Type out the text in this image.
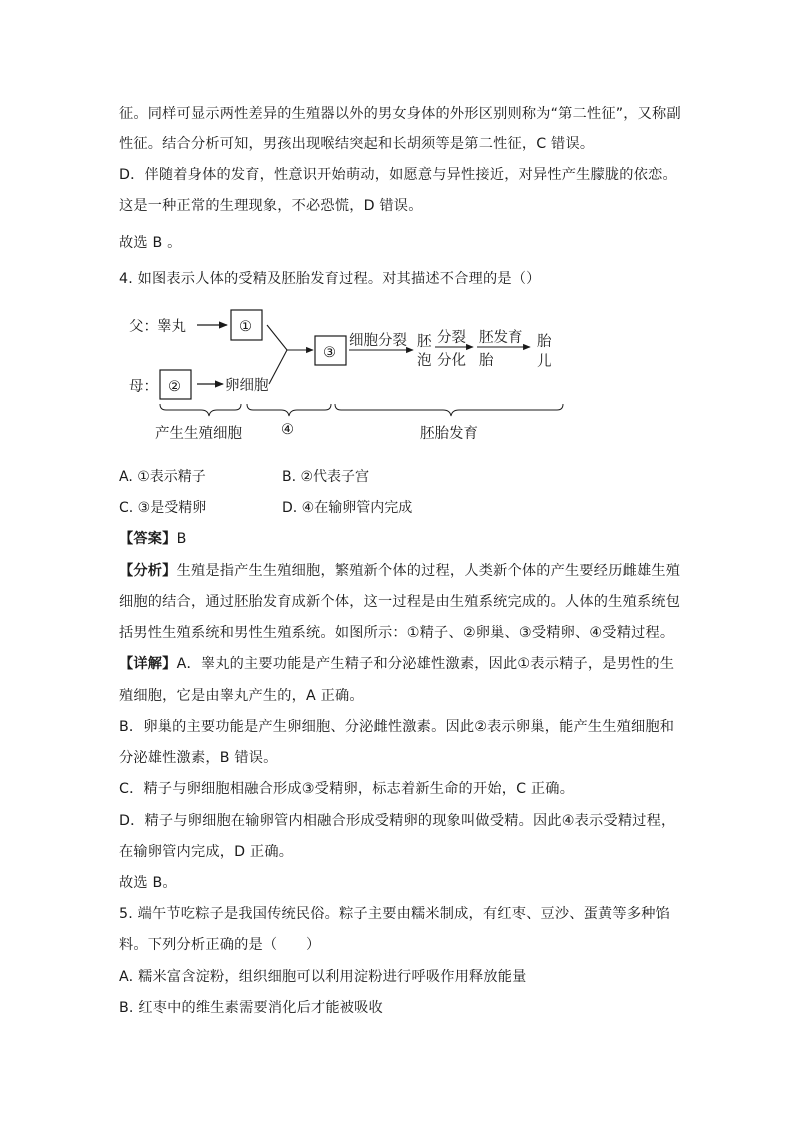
征。同样可显示两性差异的生殖器以外的男女身体的外形区别则称为“第二性征”，又称副
性征。结合分析可知，男孩出现喉结突起和长胡须等是第二性征，C 错误。
D．伴随着身体的发育，性意识开始萌动，如愿意与异性接近，对异性产生朦胧的依恋。
这是一种正常的生理现象，不必恐慌，D 错误。
故选 B 。
4. 如图表示人体的受精及胚胎发育过程。对其描述不合理的是（）
父： 睾丸	①
母： ②	卵细胞
③
细胞分裂 胚
泡
分裂
分化
胚发育
胎
胎
儿
产生生殖细胞	④	胚胎发育
A. ①表示精子	B. ②代表子宫
C. ③是受精卵	D. ④在输卵管内完成
【答案】B
【分析】生殖是指产生生殖细胞，繁殖新个体的过程，人类新个体的产生要经历雌雄生殖
细胞的结合，通过胚胎发育成新个体，这一过程是由生殖系统完成的。人体的生殖系统包
括男性生殖系统和男性生殖系统。如图所示：①精子、②卵巢、③受精卵、④受精过程。
【详解】A．睾丸的主要功能是产生精子和分泌雄性激素，因此①表示精子，是男性的生
殖细胞，它是由睾丸产生的，A 正确。
B．卵巢的主要功能是产生卵细胞、分泌雌性激素。因此②表示卵巢，能产生生殖细胞和
分泌雄性激素，B 错误。
C．精子与卵细胞相融合形成③受精卵，标志着新生命的开始，C 正确。
D．精子与卵细胞在输卵管内相融合形成受精卵的现象叫做受精。因此④表示受精过程，
在输卵管内完成，D 正确。
故选 B。
5. 端午节吃粽子是我国传统民俗。粽子主要由糯米制成，有红枣、豆沙、蛋黄等多种馅
料。下列分析正确的是（　　）
A. 糯米富含淀粉，组织细胞可以利用淀粉进行呼吸作用释放能量
B. 红枣中的维生素需要消化后才能被吸收
